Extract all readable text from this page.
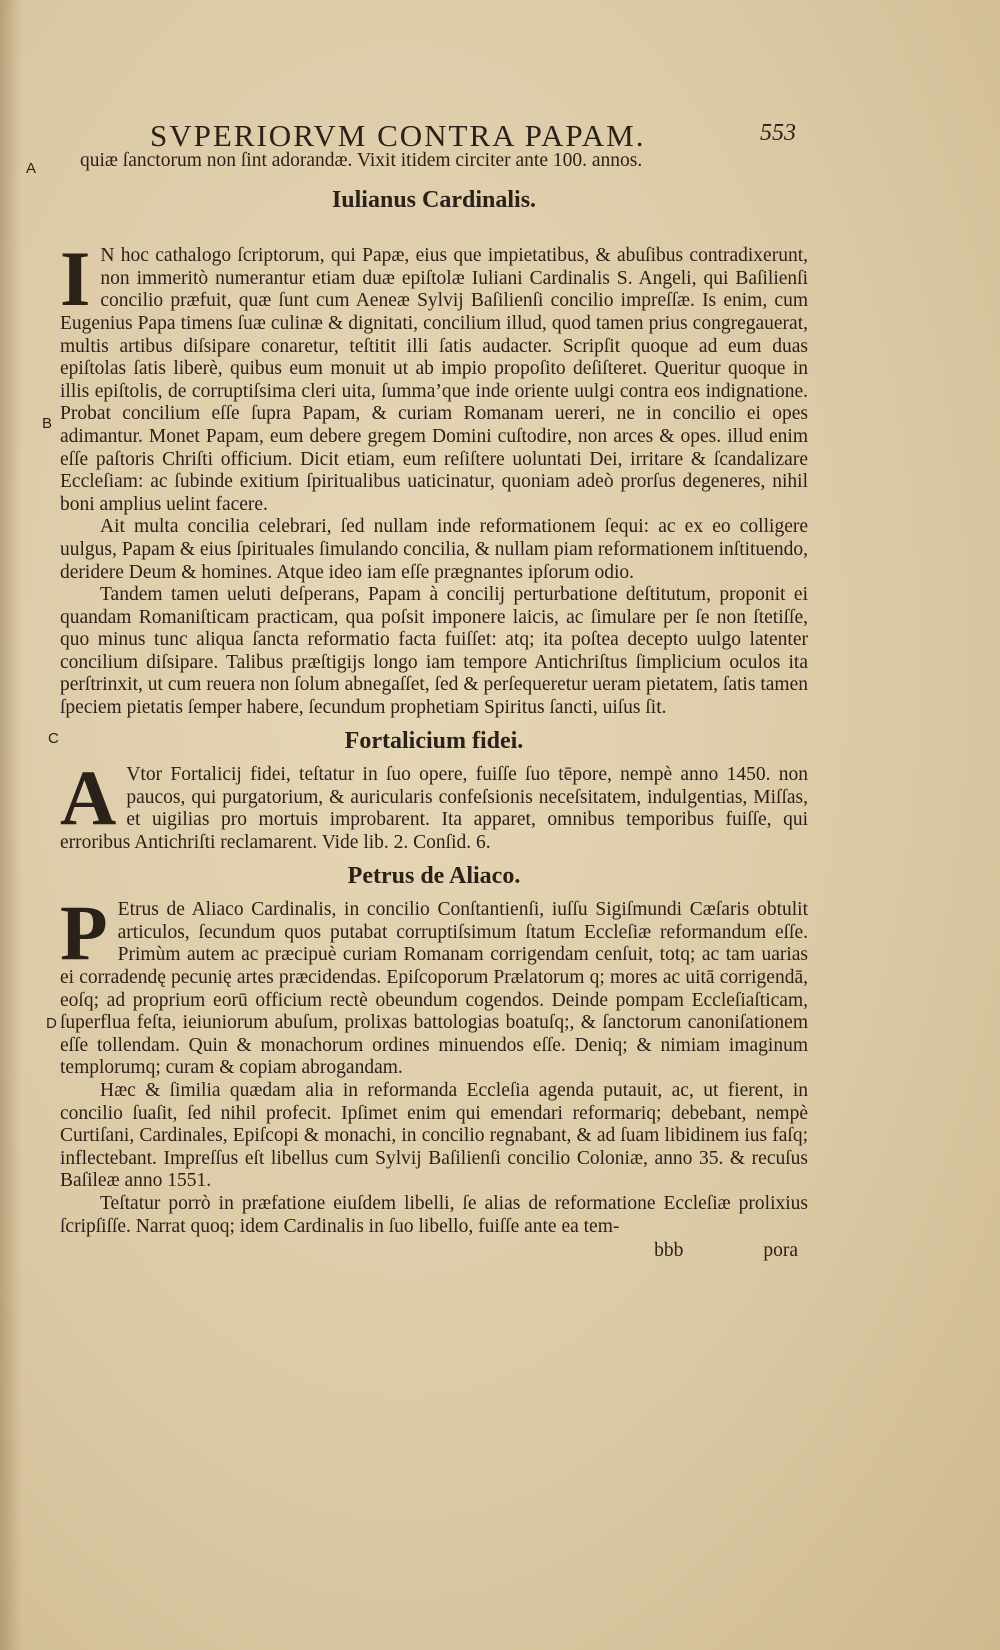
SVPERIORVM CONTRA PAPAM.	553
A
B
C
D

quiæ ſanctorum non ſint adorandæ. Vixit itidem circiter ante 100. annos.

Iulianus Cardinalis.

I N hoc cathalogo ſcriptorum, qui Papæ, eius que impietatibus, & abuſibus contradixerunt, non immeritò numerantur etiam duæ epiſtolæ Iuliani Cardinalis S. Angeli, qui Baſilienſi concilio præfuit, quæ ſunt cum Aeneæ Sylvij Baſilienſi concilio impreſſæ. Is enim, cum Eugenius Papa timens ſuæ culinæ & dignitati, concilium illud, quod tamen prius congregauerat, multis artibus diſsipare conaretur, teſtitit illi ſatis audacter. Scripſit quoque ad eum duas epiſtolas ſatis liberè, quibus eum monuit ut ab impio propoſito deſiſteret. Queritur quoque in illis epiſtolis, de corruptiſsima cleri uita, ſumma’que inde oriente uulgi contra eos indignatione. Probat concilium eſſe ſupra Papam, & curiam Romanam uereri, ne in concilio ei opes adimantur. Monet Papam, eum debere gregem Domini cuſtodire, non arces & opes. illud enim eſſe paſtoris Chriſti officium. Dicit etiam, eum reſiſtere uoluntati Dei, irritare & ſcandalizare Eccleſiam: ac ſubinde exitium ſpiritualibus uaticinatur, quoniam adeò prorſus degeneres, nihil boni amplius uelint facere.

Ait multa concilia celebrari, ſed nullam inde reformationem ſequi: ac ex eo colligere uulgus, Papam & eius ſpirituales ſimulando concilia, & nullam piam reformationem inſtituendo, deridere Deum & homines. Atque ideo iam eſſe prægnantes ipſorum odio.

Tandem tamen ueluti deſperans, Papam à concilij perturbatione deſtitutum, proponit ei quandam Romaniſticam practicam, qua poſsit imponere laicis, ac ſimulare per ſe non ſtetiſſe, quo minus tunc aliqua ſancta reformatio facta fuiſſet: atq; ita poſtea decepto uulgo latenter concilium diſsipare. Talibus præſtigijs longo iam tempore Antichriſtus ſimplicium oculos ita perſtrinxit, ut cum reuera non ſolum abnegaſſet, ſed & perſequeretur ueram pietatem, ſatis tamen ſpeciem pietatis ſemper habere, ſecundum prophetiam Spiritus ſancti, uiſus ſit.

Fortalicium fidei.

A Vtor Fortalicij fidei, teſtatur in ſuo opere, fuiſſe ſuo tēpore, nempè anno 1450. non paucos, qui purgatorium, & auricularis confeſsionis neceſsitatem, indulgentias, Miſſas, et uigilias pro mortuis improbarent. Ita apparet, omnibus temporibus fuiſſe, qui erroribus Antichriſti reclamarent. Vide lib. 2. Conſid. 6.

Petrus de Aliaco.

P Etrus de Aliaco Cardinalis, in concilio Conſtantienſi, iuſſu Sigiſmundi Cæſaris obtulit articulos, ſecundum quos putabat corruptiſsimum ſtatum Eccleſiæ reformandum eſſe. Primùm autem ac præcipuè curiam Romanam corrigendam cenſuit, totq; ac tam uarias ei corradendę pecunię artes præcidendas. Epiſcoporum Prælatorum q; mores ac uitā corrigendā, eoſq; ad proprium eorū officium rectè obeundum cogendos. Deinde pompam Eccleſiaſticam, ſuperflua feſta, ieiuniorum abuſum, prolixas battologias boatuſq;, & ſanctorum canoniſationem eſſe tollendam. Quin & monachorum ordines minuendos eſſe. Deniq; & nimiam imaginum templorumq; curam & copiam abrogandam.

Hæc & ſimilia quædam alia in reformanda Eccleſia agenda putauit, ac, ut fierent, in concilio ſuaſit, ſed nihil profecit. Ipſimet enim qui emendari reformariq; debebant, nempè Curtiſani, Cardinales, Epiſcopi & monachi, in concilio regnabant, & ad ſuam libidinem ius faſq; inflectebant. Impreſſus eſt libellus cum Sylvij Baſilienſi concilio Coloniæ, anno 35. & recuſus Baſileæ anno 1551.

Teſtatur porrò in præfatione eiuſdem libelli, ſe alias de reformatione Eccleſiæ prolixius ſcripſiſſe. Narrat quoq; idem Cardinalis in ſuo libello, fuiſſe ante ea tem-

bbb	pora
